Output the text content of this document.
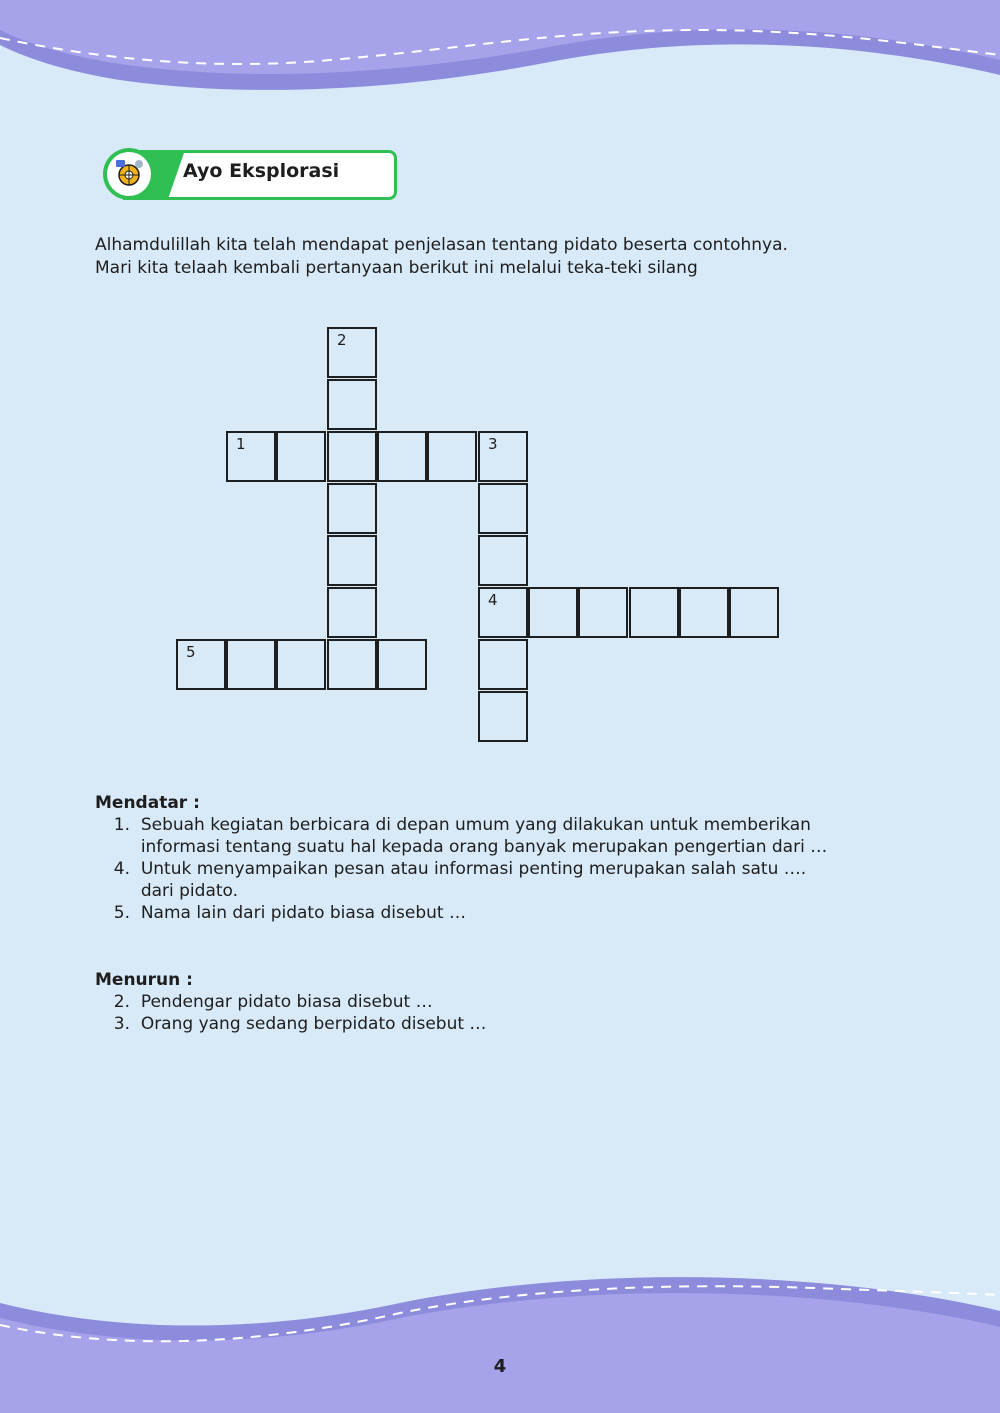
Ayo Eksplorasi

Alhamdulillah kita telah mendapat penjelasan tentang pidato beserta contohnya.

Mari kita telaah kembali pertanyaan berikut ini melalui teka-teki silang

2
1	3
4
5
Mendatar :
1.
Sebuah kegiatan berbicara di depan umum yang dilakukan untuk memberikan
informasi tentang suatu hal kepada orang banyak merupakan pengertian dari …
4.
Untuk menyampaikan pesan atau informasi penting merupakan salah satu ….
dari pidato.
5.
Nama lain dari pidato biasa disebut …
Menurun :
2.
Pendengar pidato biasa disebut …
3.
Orang yang sedang berpidato disebut …
4
